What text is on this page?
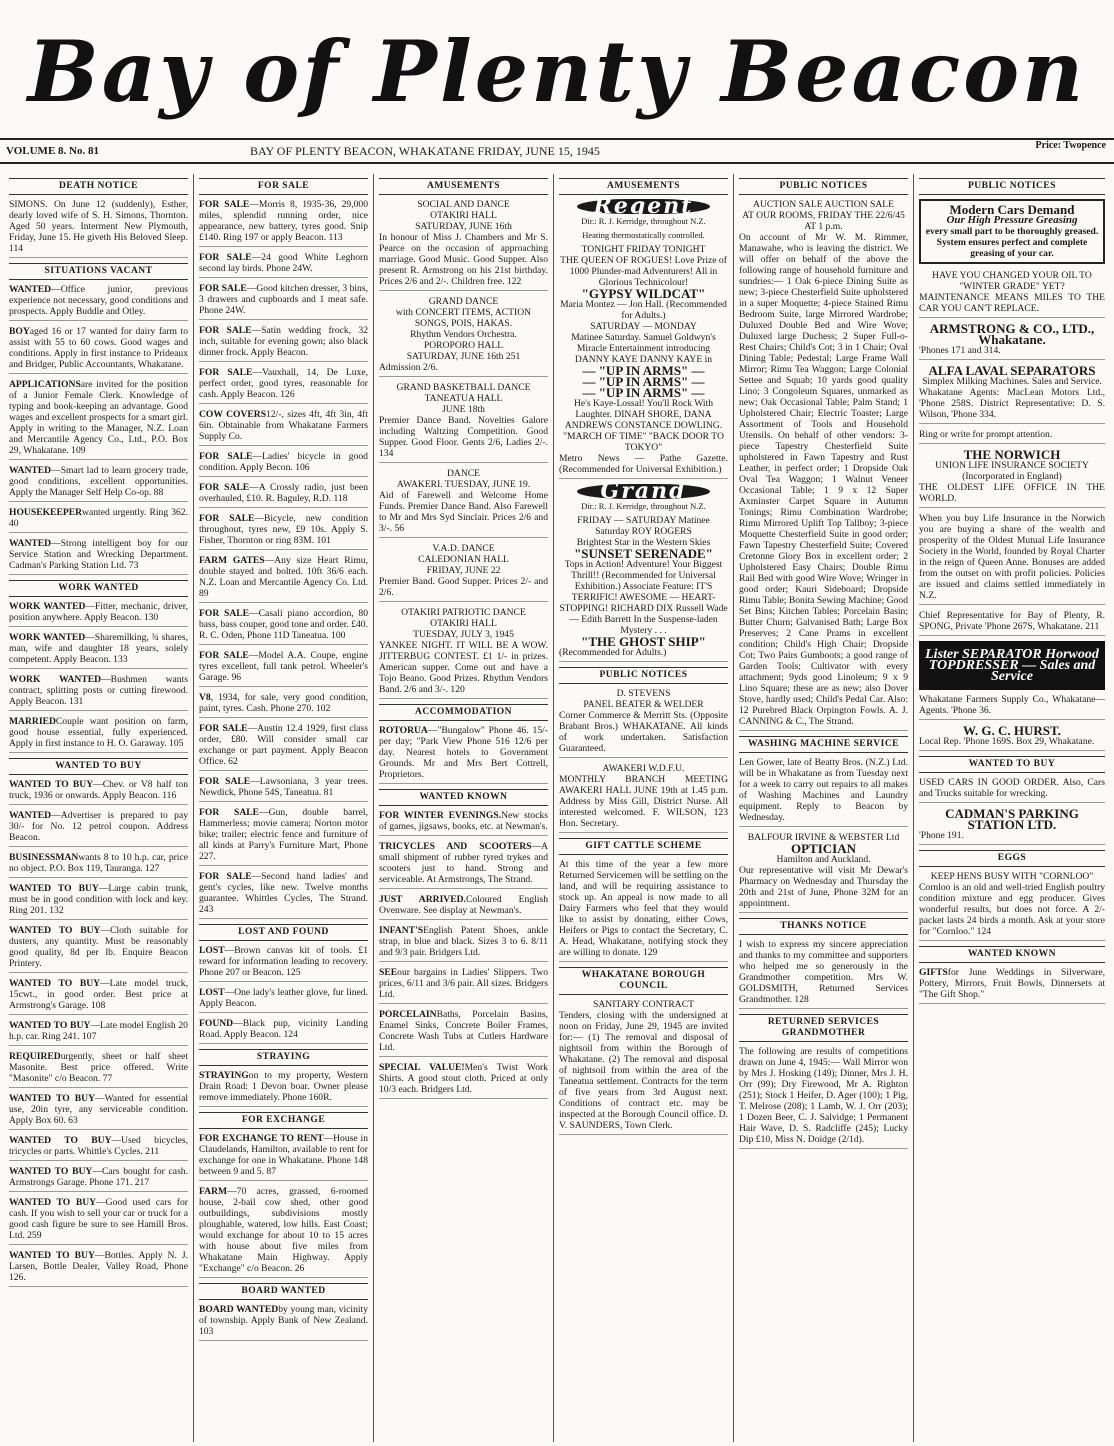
Bay of Plenty Beacon
VOLUME 8. No. 81	BAY OF PLENTY BEACON, WHAKATANE FRIDAY, JUNE 15, 1945	Price: Twopence
DEATH NOTICE
SIMONS. On June 12 (suddenly), Esther, dearly loved wife of S. H. Simons, Thornton. Aged 50 years. Interment New Plymouth, Friday, June 15. He giveth His Beloved Sleep. 114
SITUATIONS VACANT
WANTED—Office junior, previous experience not necessary, good conditions and prospects. Apply Buddle and Otley.
BOYaged 16 or 17 wanted for dairy farm to assist with 55 to 60 cows. Good wages and conditions. Apply in first instance to Prideaux and Bridger, Public Accountants, Whakatane.
APPLICATIONSare invited for the position of a Junior Female Clerk. Knowledge of typing and book-keeping an advantage. Good wages and excellent prospects for a smart girl. Apply in writing to the Manager, N.Z. Loan and Mercantile Agency Co., Ltd., P.O. Box 29, Whakatane. 109
WANTED—Smart lad to learn grocery trade, good conditions, excellent opportunities. Apply the Manager Self Help Co-op. 88
HOUSEKEEPERwanted urgently. Ring 362. 40
WANTED—Strong intelligent boy for our Service Station and Wrecking Department. Cadman's Parking Station Ltd. 73
WORK WANTED
WORK WANTED—Fitter, mechanic, driver, position anywhere. Apply Beacon. 130
WORK WANTED—Sharemilking, ¾ shares, man, wife and daughter 18 years, solely competent. Apply Beacon. 133
WORK WANTED—Bushmen wants contract, splitting posts or cutting firewood. Apply Beacon. 131
MARRIEDCouple want position on farm, good house essential, fully experienced. Apply in first instance to H. O. Garaway. 105
WANTED TO BUY
WANTED TO BUY—Chev. or V8 half ton truck, 1936 or onwards. Apply Beacon. 116
WANTED—Advertiser is prepared to pay 30/- for No. 12 petrol coupon. Address Beacon.
BUSINESSMANwants 8 to 10 h.p. car, price no object. P.O. Box 119, Tauranga. 127
WANTED TO BUY—Large cabin trunk, must be in good condition with lock and key. Ring 201. 132
WANTED TO BUY—Cloth suitable for dusters, any quantity. Must be reasonably good quality, 8d per lb. Enquire Beacon Printery.
WANTED TO BUY—Late model truck, 15cwt., in good order. Best price at Armstrong's Garage. 108
WANTED TO BUY—Late model English 20 h.p. car. Ring 241. 107
REQUIREDurgently, sheet or half sheet Masonite. Best price offered. Write "Masonite" c/o Beacon. 77
WANTED TO BUY—Wanted for essential use, 20in tyre, any serviceable condition. Apply Box 60. 63
WANTED TO BUY—Used bicycles, tricycles or parts. Whittle's Cycles. 211
WANTED TO BUY—Cars bought for cash. Armstrongs Garage. Phone 171. 217
WANTED TO BUY—Good used cars for cash. If you wish to sell your car or truck for a good cash figure be sure to see Hamill Bros. Ltd. 259
WANTED TO BUY—Bottles. Apply N. J. Larsen, Bottle Dealer, Valley Road, Phone 126.
FOR SALE
FOR SALE—Morris 8, 1935-36, 29,000 miles, splendid running order, nice appearance, new battery, tyres good. Snip £140. Ring 197 or apply Beacon. 113
FOR SALE—24 good White Leghorn second lay birds. Phone 24W.
FOR SALE—Good kitchen dresser, 3 bins, 3 drawers and cupboards and 1 meat safe. Phone 24W.
FOR SALE—Satin wedding frock, 32 inch, suitable for evening gown; also black dinner frock. Apply Beacon.
FOR SALE—Vauxhall, 14, De Luxe, perfect order, good tyres, reasonable for cash. Apply Beacon. 126
COW COVERS12/-, sizes 4ft, 4ft 3in, 4ft 6in. Obtainable from Whakatane Farmers Supply Co.
FOR SALE—Ladies' bicycle in good condition. Apply Becon. 106
FOR SALE—A Crossly radio, just been overhauled, £10. R. Baguley, R.D. 118
FOR SALE—Bicycle, new condition throughout, tyres new, £9 10s. Apply S. Fisher, Thornton or ring 83M. 101
FARM GATES—Any size Heart Rimu, double stayed and bolted. 10ft 36/6 each. N.Z. Loan and Mercantile Agency Co. Ltd. 89
FOR SALE—Casali piano accordion, 80 bass, bass couper, good tone and order. £40. R. C. Oden, Phone 11D Taneatua. 100
FOR SALE—Model A.A. Coupe, engine tyres excellent, full tank petrol. Wheeler's Garage. 96
V8, 1934, for sale, very good condition, paint, tyres. Cash. Phone 270. 102
FOR SALE—Austin 12.4 1929, first class order, £80. Will consider small car exchange or part payment. Apply Beacon Office. 62
FOR SALE—Lawsoniana, 3 year trees. Newdick, Phone 54S, Taneatua. 81
FOR SALE—Gun, double barrel, Hammerless; movie camera; Norton motor bike; trailer; electric fence and furniture of all kinds at Parry's Furniture Mart, Phone 227.
FOR SALE—Second hand ladies' and gent's cycles, like new. Twelve months guarantee. Whittles Cycles, The Strand. 243
LOST AND FOUND
LOST—Brown canvas kit of tools. £1 reward for information leading to recovery. Phone 207 or Beacon. 125
LOST—One lady's leather glove, fur lined. Apply Beacon.
FOUND—Black pup, vicinity Landing Road. Apply Beacon. 124
STRAYING
STRAYINGon to my property, Western Drain Road: 1 Devon boar. Owner please remove immediately. Phone 160R.
FOR EXCHANGE
FOR EXCHANGE TO RENT—House in Claudelands, Hamilton, available to rent for exchange for one in Whakatane. Phone 148 between 9 and 5. 87
FARM—70 acres, grassed, 6-roomed house, 2-bail cow shed, other good outbuildings, subdivisions mostly ploughable, watered, low hills. East Coast; would exchange for about 10 to 15 acres with house about five miles from Whakatane Main Highway. Apply "Exchange" c/o Beacon. 26
BOARD WANTED
BOARD WANTEDby young man, vicinity of township. Apply Bank of New Zealand. 103
AMUSEMENTS
SOCIAL AND DANCE
OTAKIRI HALL
SATURDAY, JUNE 16th
In honour of Miss J. Chambers and Mr S. Pearce on the occasion of approaching marriage. Good Music. Good Supper. Also present R. Armstrong on his 21st birthday. Prices 2/6 and 2/-. Children free. 122
GRAND DANCE
with CONCERT ITEMS, ACTION SONGS, POIS, HAKAS.
Rhythm Vendors Orchestra.
POROPORO HALL
SATURDAY, JUNE 16th 251
Admission 2/6.
GRAND BASKETBALL DANCE
TANEATUA HALL
JUNE 18th
Premier Dance Band. Novelties Galore including Waltzing Competition. Good Supper. Good Floor. Gents 2/6, Ladies 2/-. 134
DANCE
AWAKERI. TUESDAY, JUNE 19.
Aid of Farewell and Welcome Home Funds. Premier Dance Band. Also Farewell to Mr and Mrs Syd Sinclair. Prices 2/6 and 3/-. 56
V.A.D. DANCE
CALEDONIAN HALL
FRIDAY, JUNE 22
Premier Band. Good Supper. Prices 2/- and 2/6.
OTAKIRI PATRIOTIC DANCE
OTAKIRI HALL
TUESDAY, JULY 3, 1945
YANKEE NIGHT. IT WILL BE A WOW. JITTERBUG CONTEST. £1 1/- in prizes. American supper. Come out and have a Tojo Beano. Good Prizes. Rhythm Vendors Band. 2/6 and 3/-. 120
ACCOMMODATION
ROTORUA—"Bungalow" Phone 46. 15/- per day; "Park View Phone 516 12/6 per day. Nearest hotels to Government Grounds. Mr and Mrs Bert Cottrell, Proprietors.
WANTED KNOWN
FOR WINTER EVENINGS.New stocks of games, jigsaws, books, etc. at Newman's.
TRICYCLES AND SCOOTERS—A small shipment of rubber tyred trykes and scooters just to hand. Strong and serviceable. At Armstrongs, The Strand.
JUST ARRIVED.Coloured English Ovenware. See display at Newman's.
INFANT'SEnglish Patent Shoes, ankle strap, in blue and black. Sizes 3 to 6. 8/11 and 9/3 pair. Bridgers Ltd.
SEEour bargains in Ladies' Slippers. Two prices, 6/11 and 3/6 pair. All sizes. Bridgers Ltd.
PORCELAINBaths, Porcelain Basins, Enamel Sinks, Concrete Boiler Frames, Concrete Wash Tubs at Cutlers Hardware Ltd.
SPECIAL VALUE!Men's Twist Work Shirts. A good stout cloth. Priced at only 10/3 each. Bridgers Ltd.
AMUSEMENTS
Regent
Dir.: R. J. Kerridge, throughout N.Z.
Heating thermostatically controlled.
TONIGHT FRIDAY TONIGHT
THE QUEEN OF ROGUES! Love Prize of 1000 Plunder-mad Adventurers! All in Glorious Technicolour!
"GYPSY WILDCAT"
Maria Montez — Jon Hall. (Recommended for Adults.)
SATURDAY — MONDAY
Matinee Saturday. Samuel Goldwyn's Miracle Entertainment introducing DANNY KAYE DANNY KAYE in
— "UP IN ARMS" —
— "UP IN ARMS" —
— "UP IN ARMS" —
He's Kaye-Lossal! You'll Rock With Laughter. DINAH SHORE, DANA ANDREWS CONSTANCE DOWLING.
"MARCH OF TIME" "BACK DOOR TO TOKYO"
Metro News — Pathe Gazette. (Recommended for Universal Exhibition.)
Grand
Dir.: R. J. Kerridge, throughout N.Z.
FRIDAY — SATURDAY Matinee Saturday ROY ROGERS
Brightest Star in the Western Skies
"SUNSET SERENADE"
Tops in Action! Adventure! Your Biggest Thrill!! (Recommended for Universal Exhibition.) Associate Feature: IT'S TERRIFIC! AWESOME — HEART-STOPPING! RICHARD DIX Russell Wade — Edith Barrett In the Suspense-laden Mystery . . .
"THE GHOST SHIP"
(Recommended for Adults.)
PUBLIC NOTICES
D. STEVENS
PANEL BEATER & WELDER
Corner Commerce & Merritt Sts. (Opposite Brabant Bros.) WHAKATANE. All kinds of work undertaken. Satisfaction Guaranteed.
AWAKERI W.D.F.U.
MONTHLY BRANCH MEETING AWAKERI HALL JUNE 19th at 1.45 p.m. Address by Miss Gill, District Nurse. All interested welcomed. F. WILSON, 123 Hon. Secretary.
GIFT CATTLE SCHEME
At this time of the year a few more Returned Servicemen will be settling on the land, and will be requiring assistance to stock up. An appeal is now made to all Dairy Farmers who feel that they would like to assist by donating, either Cows, Heifers or Pigs to contact the Secretary, C. A. Head, Whakatane, notifying stock they are willing to donate. 129
WHAKATANE BOROUGH COUNCIL
SANITARY CONTRACT
Tenders, closing with the undersigned at noon on Friday, June 29, 1945 are invited for:— (1) The removal and disposal of nightsoil from within the Borough of Whakatane. (2) The removal and disposal of nightsoil from within the area of the Taneatua settlement. Contracts for the term of five years from 3rd August next. Conditions of contract etc. may be inspected at the Borough Council office. D. V. SAUNDERS, Town Clerk.
PUBLIC NOTICES
AUCTION SALE AUCTION SALE
AT OUR ROOMS, FRIDAY THE 22/6/45 AT 1 p.m.
On account of Mr W. M. Rimmer, Manawahe, who is leaving the district. We will offer on behalf of the above the following range of household furniture and sundries:— 1 Oak 6-piece Dining Suite as new; 3-piece Chesterfield Suite upholstered in a super Moquette; 4-piece Stained Rimu Bedroom Suite, large Mirrored Wardrobe; Duluxed Double Bed and Wire Wove; Duluxed large Duchess; 2 Super Full-o-Rest Chairs; Child's Cot; 3 in 1 Chair; Oval Dining Table; Pedestal; Large Frame Wall Mirror; Rimu Tea Waggon; Large Colonial Settee and Squab; 10 yards good quality Lino; 3 Congoleum Squares, unmarked as new; Oak Occasional Table; Palm Stand; 1 Upholstered Chair; Electric Toaster; Large Assortment of Tools and Household Utensils. On behalf of other vendors: 3-piece Tapestry Chesterfield Suite upholstered in Fawn Tapestry and Rust Leather, in perfect order; 1 Dropside Oak Oval Tea Waggon; 1 Walnut Veneer Occasional Table; 1 9 x 12 Super Axminster Carpet Square in Autumn Tonings; Rimu Combination Wardrobe; Rimu Mirrored Uplift Top Tallboy; 3-piece Moquette Chesterfield Suite in good order; Fawn Tapestry Chesterfield Suite; Covered Cretonne Glory Box in excellent order; 2 Upholstered Easy Chairs; Double Rimu Rail Bed with good Wire Wove; Wringer in good order; Kauri Sideboard; Dropside Rimu Table; Bonita Sewing Machine; Good Set Bins; Kitchen Tables; Porcelain Basin; Butter Churn; Galvanised Bath; Large Box Preserves; 2 Cane Prams in excellent condition; Child's High Chair; Dropside Cot; Two Pairs Gumboots; a good range of Garden Tools; Cultivator with every attachment; 9yds good Linoleum; 9 x 9 Lino Square; these are as new; also Dover Stove, hardly used; Child's Pedal Car. Also: 12 Purebred Black Orpington Fowls. A. J. CANNING & C., The Strand.
WASHING MACHINE SERVICE
Len Gower, late of Beatty Bros. (N.Z.) Ltd. will be in Whakatane as from Tuesday next for a week to carry out repairs to all makes of Washing Machines and Laundry equipment. Reply to Beacon by Wednesday.
BALFOUR IRVINE & WEBSTER Ltd
OPTICIAN
Hamilton and Auckland.
Our representative will visit Mr Dewar's Pharmacy on Wednesday and Thursday the 20th and 21st of June, Phone 32M for an appointment.
THANKS NOTICE
I wish to express my sincere appreciation and thanks to my committee and supporters who helped me so generously in the Grandmother competition. Mrs W. GOLDSMITH, Returned Services Grandmother. 128
RETURNED SERVICES GRANDMOTHER
The following are results of competitions drawn on June 4, 1945:— Wall Mirror won by Mrs J. Hosking (149); Dinner, Mrs J. H. Orr (99); Dry Firewood, Mr A. Righton (251); Stock 1 Heifer, D. Ager (100); 1 Pig, T. Melrose (208); 1 Lamb, W. J. Orr (203); 1 Dozen Beer, C. J. Salvidge; 1 Permanent Hair Wave, D. S. Radcliffe (245); Lucky Dip £10, Miss N. Doidge (2/1d).
PUBLIC NOTICES
Modern Cars Demand
Our High Pressure Greasing
every small part to be thoroughly greased. System ensures perfect and complete greasing of your car.
HAVE YOU CHANGED YOUR OIL TO "WINTER GRADE" YET?
MAINTENANCE MEANS MILES TO THE CAR YOU CAN'T REPLACE.
ARMSTRONG & CO., LTD., Whakatane.
'Phones 171 and 314.
ALFA LAVAL SEPARATORS
Simplex Milking Machines. Sales and Service.
Whakatane Agents: MacLean Motors Ltd., 'Phone 258S. District Representative: D. S. Wilson, 'Phone 334.
Ring or write for prompt attention.
THE NORWICH
UNION LIFE INSURANCE SOCIETY (Incorporated in England)
THE OLDEST LIFE OFFICE IN THE WORLD.
When you buy Life Insurance in the Norwich you are buying a share of the wealth and prosperity of the Oldest Mutual Life Insurance Society in the World, founded by Royal Charter in the reign of Queen Anne. Bonuses are added from the outset on with profit policies. Policies are issued and claims settled immediately in N.Z.
Chief Representative for Bay of Plenty, R. SPONG, Private 'Phone 267S, Whakatane. 211
Lister SEPARATOR Horwood TOPDRESSER — Sales and Service
Whakatane Farmers Supply Co., Whakatane—Agents. 'Phone 36.
W. G. C. HURST.
Local Rep. 'Phone 169S. Box 29, Whakatane.
WANTED TO BUY
USED CARS IN GOOD ORDER. Also, Cars and Trucks suitable for wrecking.
CADMAN'S PARKING STATION LTD.
'Phone 191.
EGGS
KEEP HENS BUSY WITH "CORNLOO"
Cornloo is an old and well-tried English poultry condition mixture and egg producer. Gives wonderful results, but does not force. A 2/- packet lasts 24 birds a month. Ask at your store for "Cornloo." 124
WANTED KNOWN
GIFTSfor June Weddings in Silverware, Pottery, Mirrors, Fruit Bowls, Dinnersets at "The Gift Shop."
